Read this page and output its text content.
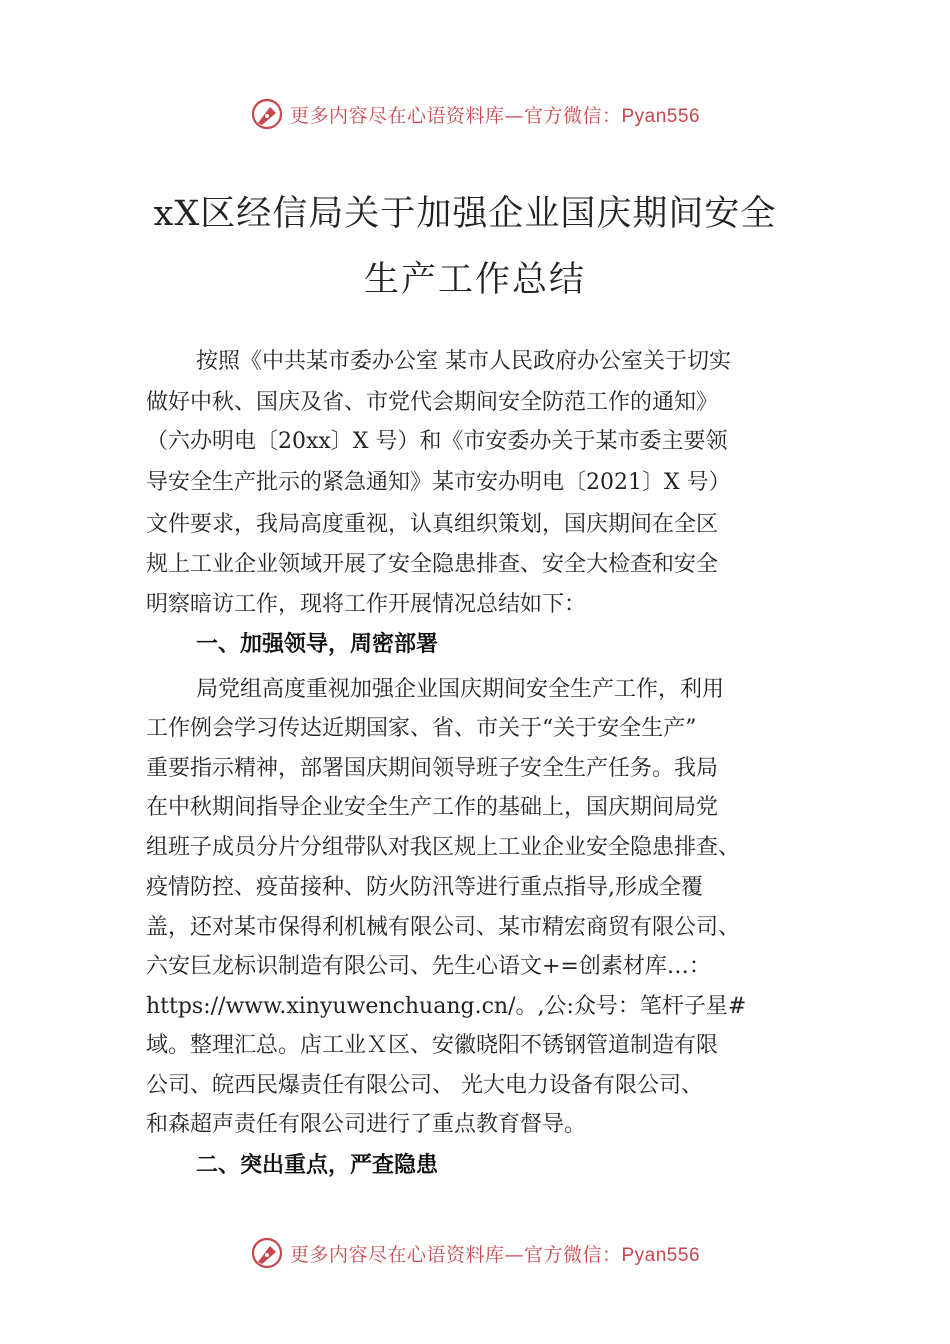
更多内容尽在心语资料库—官方微信：Pyan556
xX区经信局关于加强企业国庆期间安全
生产工作总结
按照《中共某市委办公室 某市人民政府办公室关于切实
做好中秋、国庆及省、市党代会期间安全防范工作的通知》
（六办明电〔20xx〕X 号）和《市安委办关于某市委主要领
导安全生产批示的紧急通知》某市安办明电〔2021〕X 号）
文件要求，我局高度重视，认真组织策划，国庆期间在全区
规上工业企业领域开展了安全隐患排查、安全大检查和安全
明察暗访工作，现将工作开展情况总结如下：
一、加强领导，周密部署
局党组高度重视加强企业国庆期间安全生产工作，利用
工作例会学习传达近期国家、省、市关于“关于安全生产”
重要指示精神，部署国庆期间领导班子安全生产任务。我局
在中秋期间指导企业安全生产工作的基础上，国庆期间局党
组班子成员分片分组带队对我区规上工业企业安全隐患排查、
疫情防控、疫苗接种、防火防汛等进行重点指导,形成全覆
盖，还对某市保得利机械有限公司、某市精宏商贸有限公司、
六安巨龙标识制造有限公司、先生心语文+=创素材库…：
https://www.xinyuwenchuang.cn/。,公:众号：笔杆子星#
域。整理汇总。店工业Ｘ区、安徽晓阳不锈钢管道制造有限
公司、皖西民爆责任有限公司、 光大电力设备有限公司、
和森超声责任有限公司进行了重点教育督导。
二、突出重点，严查隐患
更多内容尽在心语资料库—官方微信：Pyan556
